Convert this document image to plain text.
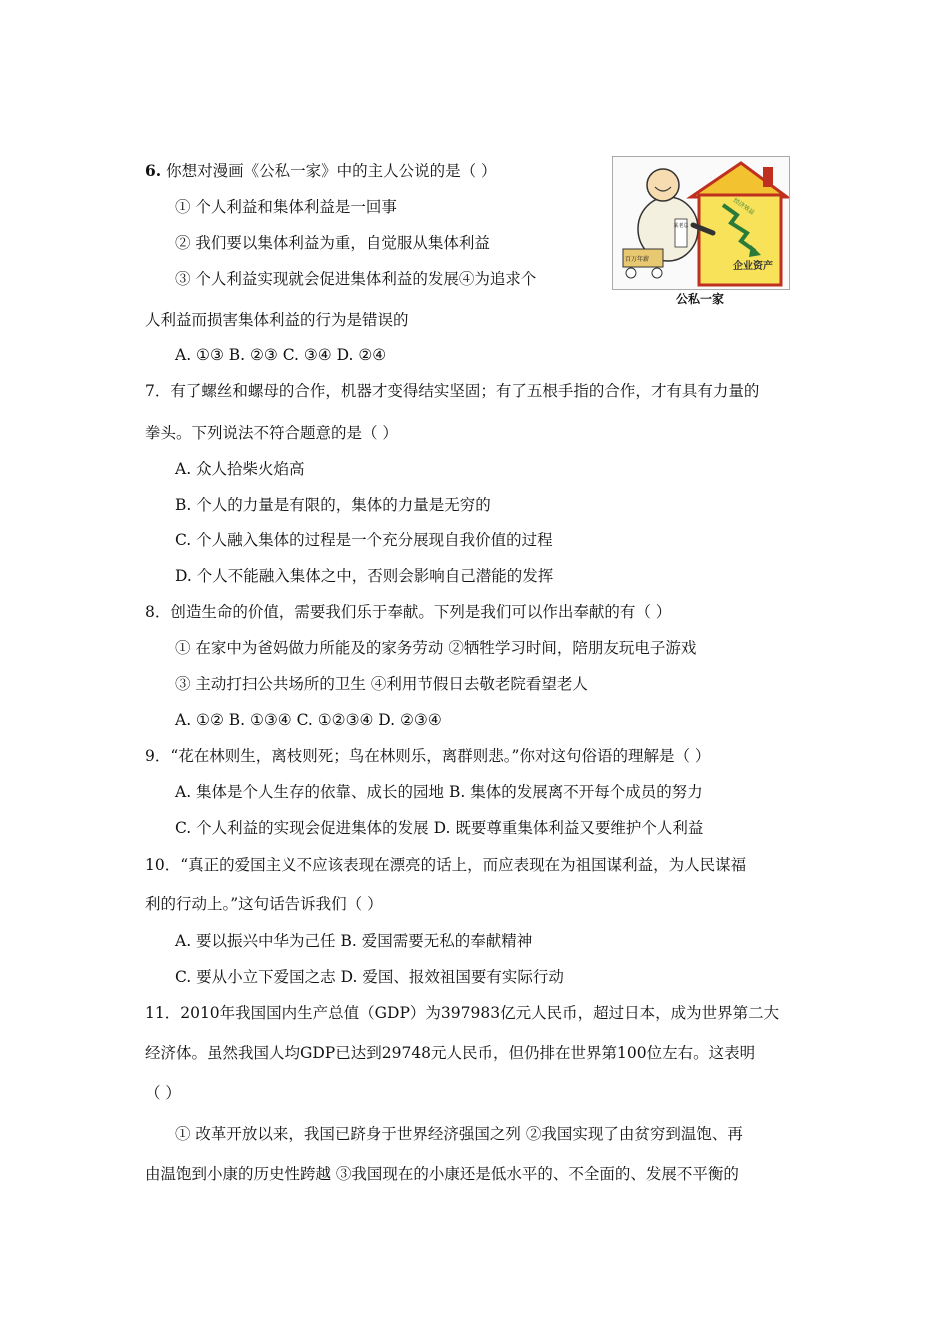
6. 你想对漫画《公私一家》中的主人公说的是（ ）
① 个人利益和集体利益是一回事
② 我们要以集体利益为重，自觉服从集体利益
③ 个人利益实现就会促进集体利益的发展④为追求个
人利益而损害集体利益的行为是错误的
A. ①③ B. ②③ C. ③④ D. ②④
经济效益
企业资产
某老总
百万年薪
公私一家
7．有了螺丝和螺母的合作，机器才变得结实坚固；有了五根手指的合作，才有具有力量的
拳头。下列说法不符合题意的是（ ）
A. 众人拾柴火焰高
B. 个人的力量是有限的，集体的力量是无穷的
C. 个人融入集体的过程是一个充分展现自我价值的过程
D. 个人不能融入集体之中，否则会影响自己潜能的发挥
8．创造生命的价值，需要我们乐于奉献。下列是我们可以作出奉献的有（ ）
① 在家中为爸妈做力所能及的家务劳动 ②牺牲学习时间，陪朋友玩电子游戏
③ 主动打扫公共场所的卫生 ④利用节假日去敬老院看望老人
A. ①② B. ①③④ C. ①②③④ D. ②③④
9．“花在林则生，离枝则死；鸟在林则乐，离群则悲。”你对这句俗语的理解是（ ）
A. 集体是个人生存的依靠、成长的园地 B. 集体的发展离不开每个成员的努力
C. 个人利益的实现会促进集体的发展 D. 既要尊重集体利益又要维护个人利益
10．“真正的爱国主义不应该表现在漂亮的话上，而应表现在为祖国谋利益，为人民谋福
利的行动上。”这句话告诉我们（ ）
A. 要以振兴中华为己任 B. 爱国需要无私的奉献精神
C. 要从小立下爱国之志 D. 爱国、报效祖国要有实际行动
11．2010年我国国内生产总值（GDP）为397983亿元人民币，超过日本，成为世界第二大
经济体。虽然我国人均GDP已达到29748元人民币，但仍排在世界第100位左右。这表明
（ ）
① 改革开放以来，我国已跻身于世界经济强国之列 ②我国实现了由贫穷到温饱、再
由温饱到小康的历史性跨越 ③我国现在的小康还是低水平的、不全面的、发展不平衡的
